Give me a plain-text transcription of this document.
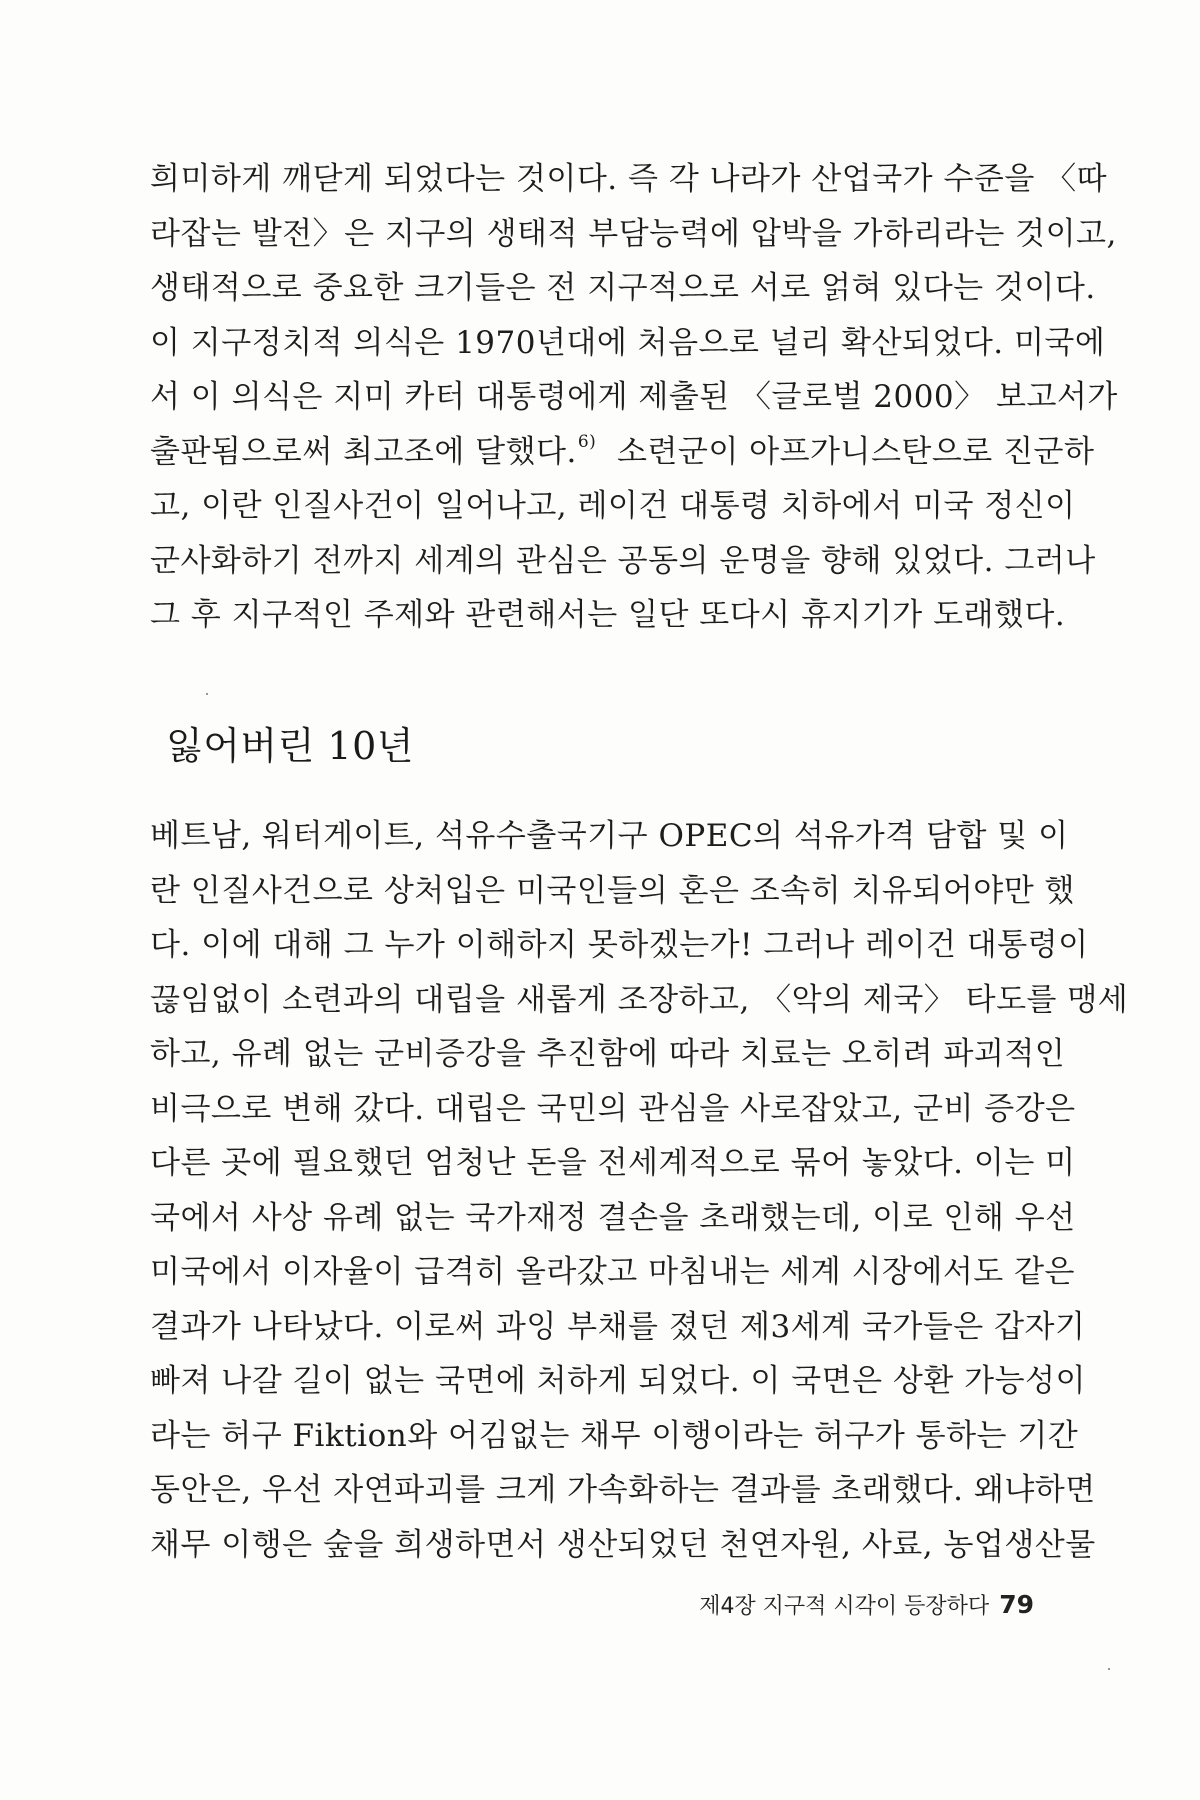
희미하게 깨닫게 되었다는 것이다. 즉 각 나라가 산업국가 수준을 〈따
라잡는 발전〉은 지구의 생태적 부담능력에 압박을 가하리라는 것이고,
생태적으로 중요한 크기들은 전 지구적으로 서로 얽혀 있다는 것이다.
이 지구정치적 의식은 1970년대에 처음으로 널리 확산되었다. 미국에
서 이 의식은 지미 카터 대통령에게 제출된 〈글로벌 2000〉 보고서가
출판됨으로써 최고조에 달했다.$^{6)}$ 소련군이 아프가니스탄으로 진군하
고, 이란 인질사건이 일어나고, 레이건 대통령 치하에서 미국 정신이
군사화하기 전까지 세계의 관심은 공동의 운명을 향해 있었다. 그러나
그 후 지구적인 주제와 관련해서는 일단 또다시 휴지기가 도래했다.
잃어버린 10년
베트남, 워터게이트, 석유수출국기구 OPEC의 석유가격 담합 및 이
란 인질사건으로 상처입은 미국인들의 혼은 조속히 치유되어야만 했
다. 이에 대해 그 누가 이해하지 못하겠는가! 그러나 레이건 대통령이
끊임없이 소련과의 대립을 새롭게 조장하고, 〈악의 제국〉 타도를 맹세
하고, 유례 없는 군비증강을 추진함에 따라 치료는 오히려 파괴적인
비극으로 변해 갔다. 대립은 국민의 관심을 사로잡았고, 군비 증강은
다른 곳에 필요했던 엄청난 돈을 전세계적으로 묶어 놓았다. 이는 미
국에서 사상 유례 없는 국가재정 결손을 초래했는데, 이로 인해 우선
미국에서 이자율이 급격히 올라갔고 마침내는 세계 시장에서도 같은
결과가 나타났다. 이로써 과잉 부채를 졌던 제3세계 국가들은 갑자기
빠져 나갈 길이 없는 국면에 처하게 되었다. 이 국면은 상환 가능성이
라는 허구 Fiktion와 어김없는 채무 이행이라는 허구가 통하는 기간
동안은, 우선 자연파괴를 크게 가속화하는 결과를 초래했다. 왜냐하면
채무 이행은 숲을 희생하면서 생산되었던 천연자원, 사료, 농업생산물
제4장 지구적 시각이 등장하다 79
